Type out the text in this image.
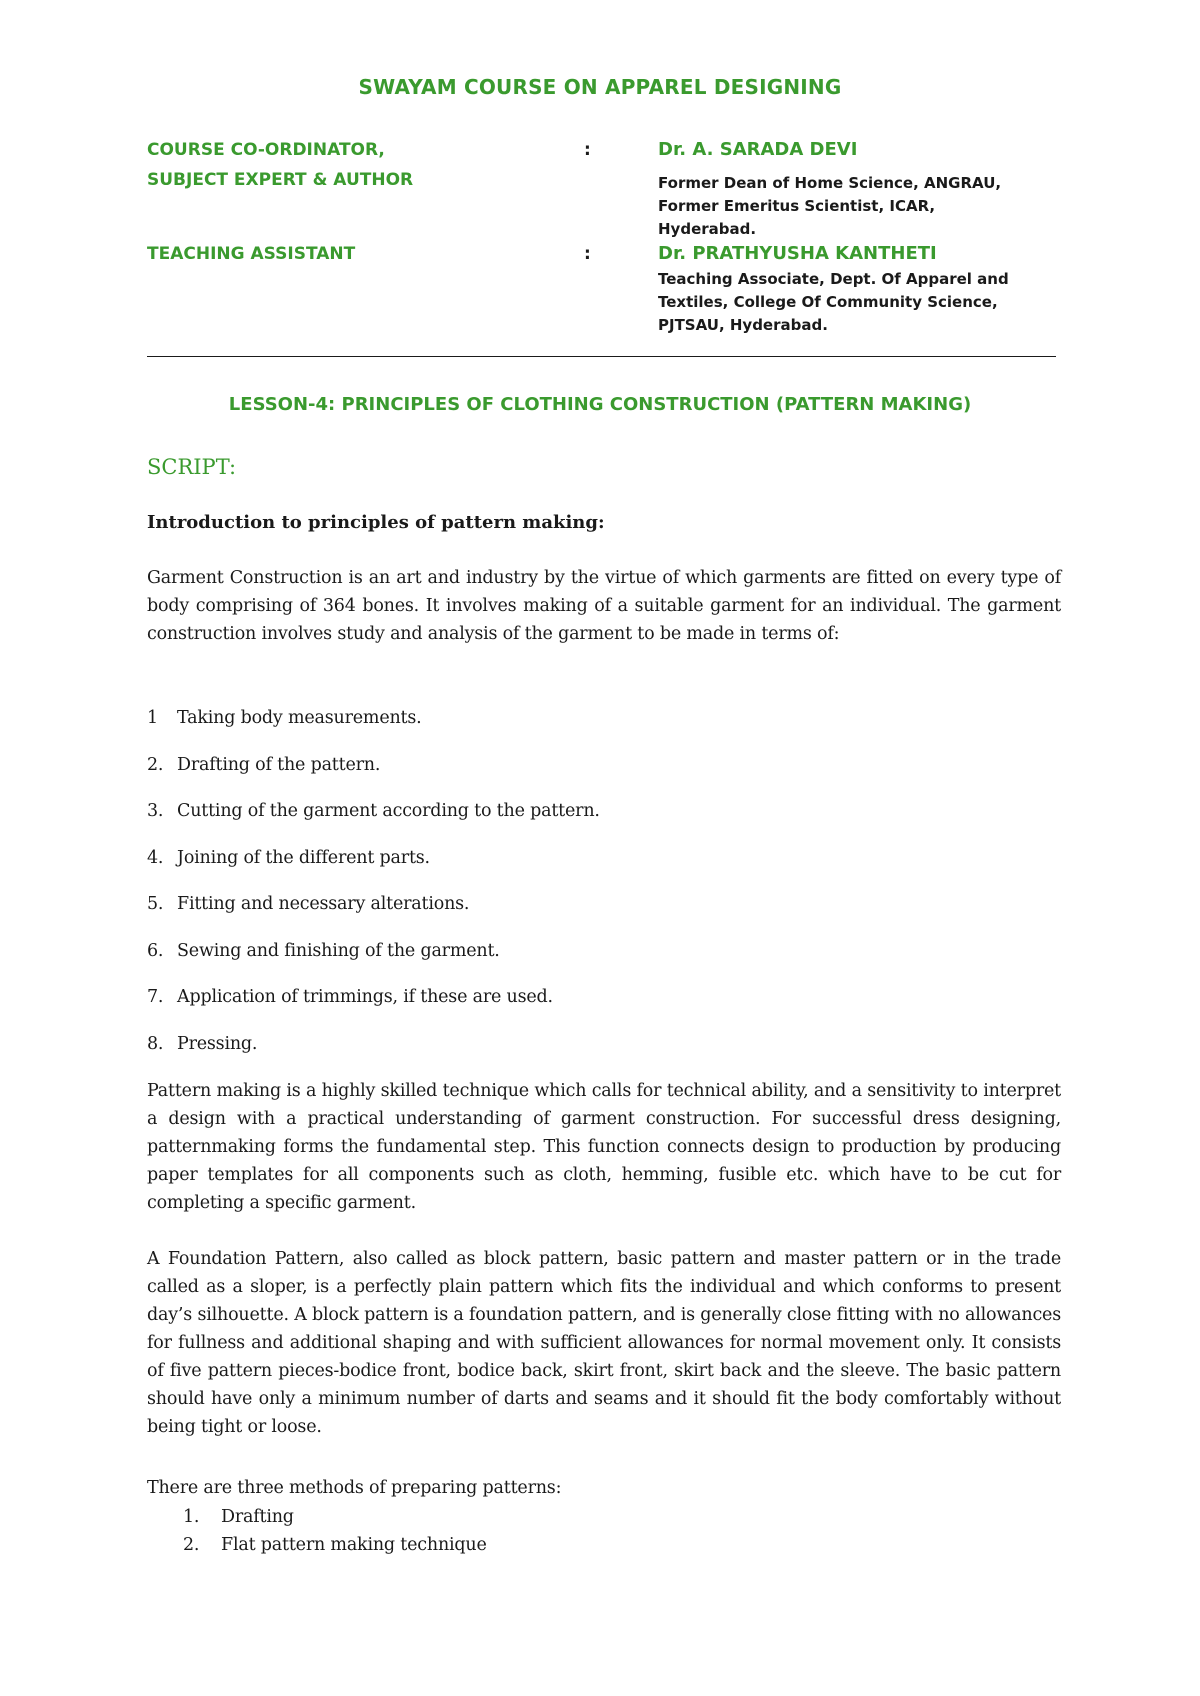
SWAYAM COURSE ON APPAREL DESIGNING
COURSE CO-ORDINATOR,
SUBJECT EXPERT & AUTHOR
:	Dr. A. SARADA DEVI
Former Dean of Home Science, ANGRAU,
Former Emeritus Scientist, ICAR,
Hyderabad.
TEACHING ASSISTANT	:	Dr. PRATHYUSHA KANTHETI
Teaching Associate, Dept. Of Apparel and
Textiles, College Of Community Science,
PJTSAU, Hyderabad.
LESSON-4: PRINCIPLES OF CLOTHING CONSTRUCTION (PATTERN MAKING)
SCRIPT:
Introduction to principles of pattern making:
Garment Construction is an art and industry by the virtue of which garments are fitted on every type of body comprising of 364 bones. It involves making of a suitable garment for an individual. The garment construction involves study and analysis of the garment to be made in terms of:
1 Taking body measurements.
2. Drafting of the pattern.
3. Cutting of the garment according to the pattern.
4. Joining of the different parts.
5. Fitting and necessary alterations.
6. Sewing and finishing of the garment.
7. Application of trimmings, if these are used.
8. Pressing.
Pattern making is a highly skilled technique which calls for technical ability, and a sensitivity to interpret a design with a practical understanding of garment construction. For successful dress designing, patternmaking forms the fundamental step. This function connects design to production by producing paper templates for all components such as cloth, hemming, fusible etc. which have to be cut for completing a specific garment.
A Foundation Pattern, also called as block pattern, basic pattern and master pattern or in the trade called as a sloper, is a perfectly plain pattern which fits the individual and which conforms to present day’s silhouette. A block pattern is a foundation pattern, and is generally close fitting with no allowances for fullness and additional shaping and with sufficient allowances for normal movement only. It consists of five pattern pieces-bodice front, bodice back, skirt front, skirt back and the sleeve. The basic pattern should have only a minimum number of darts and seams and it should fit the body comfortably without being tight or loose.
There are three methods of preparing patterns:
1. Drafting
2. Flat pattern making technique
